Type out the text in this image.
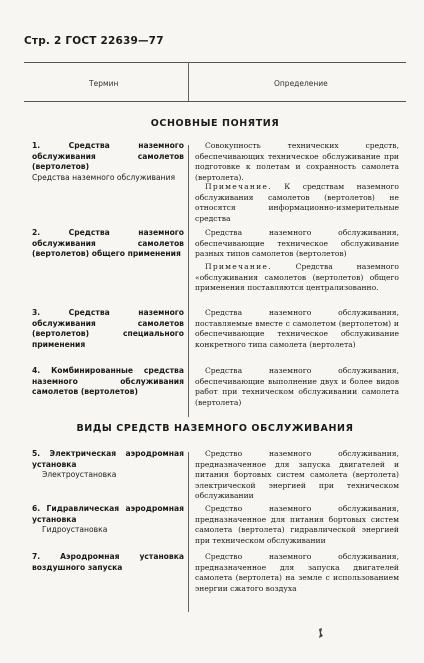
Стр. 2 ГОСТ 22639—77
Термин	Определение
ОСНОВНЫЕ ПОНЯТИЯ
1. Средства наземного обслуживания самолетов (вертолетов)
Средства наземного обслуживания
Совокупность технических средств, обеспечивающих техническое обслуживание при подготовке к полетам и сохранность самолета (вертолета).
Примечание. К средствам наземного обслуживания самолетов (вертолетов) не относятся информационно-измерительные средства
2. Средства наземного обслуживания самолетов (вертолетов) общего применения
Средства наземного обслуживания, обеспечивающие техническое обслуживание разных типов самолетов (вертолетов)
Примечание.	Средства наземного «обслуживания самолетов (вертолетов) общего применения поставляются централизованно.
3. Средства наземного обслуживания самолетов (вертолетов) специального применения
Средства наземного обслуживания, поставляемые вместе с самолетом (вертолетом) и обеспечивающие техническое обслуживание конкретного типа самолета (вертолета)
4. Комбинированные средства наземного обслуживания самолетов (вертолетов)
Средства наземного обслуживания, обеспечивающие выполнение двух и более видов работ при техническом обслуживании самолета (вертолета)
ВИДЫ СРЕДСТВ НАЗЕМНОГО ОБСЛУЖИВАНИЯ
5. Электрическая аэродромная установка
Электроустановка
Средство наземного обслуживания, предназначенное для запуска двигателей и питания бортовых систем самолета (вертолета) электрической энергией при техническом обслуживании
6. Гидравлическая аэродромная установка
Гидроустановка
Средство наземного обслуживания, предназначенное для питания бортовых систем самолета (вертолета) гидравлической энергией при техническом обслуживании
7. Аэродромная установка воздушного запуска
Средство наземного обслуживания, предназначенное для запуска двигателей самолета (вертолета) на земле с использованием энергии сжатого воздуха
